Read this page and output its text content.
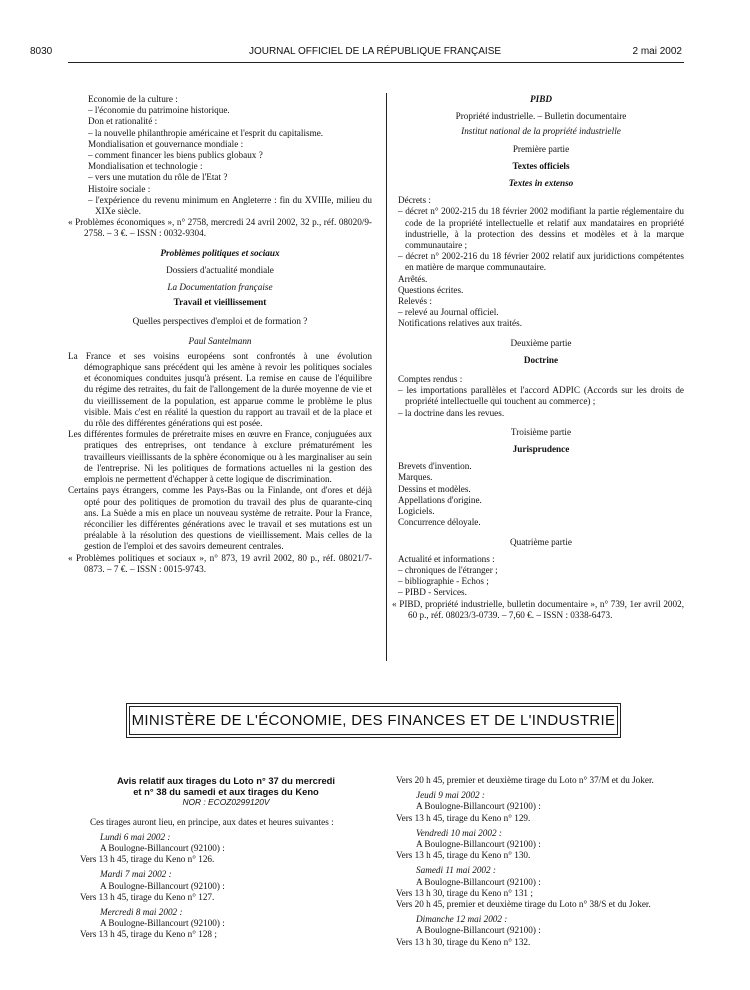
8030	JOURNAL OFFICIEL DE LA RÉPUBLIQUE FRANÇAISE	2 mai 2002

Economie de la culture :

– l'économie du patrimoine historique.

Don et rationalité :

– la nouvelle philanthropie américaine et l'esprit du capitalisme.

Mondialisation et gouvernance mondiale :

– comment financer les biens publics globaux ?

Mondialisation et technologie :

– vers une mutation du rôle de l'Etat ?

Histoire sociale :

– l'expérience du revenu minimum en Angleterre : fin du XVIIIe, milieu du XIXe siècle.

« Problèmes économiques », n° 2758, mercredi 24 avril 2002, 32 p., réf. 08020/9-2758. – 3 €. – ISSN : 0032-9304.

Problèmes politiques et sociaux

Dossiers d'actualité mondiale

La Documentation française

Travail et vieillissement

Quelles perspectives d'emploi et de formation ?

Paul Santelmann

La France et ses voisins européens sont confrontés à une évolution démographique sans précédent qui les amène à revoir les politiques sociales et économiques conduites jusqu'à présent. La remise en cause de l'équilibre du régime des retraites, du fait de l'allongement de la durée moyenne de vie et du vieillissement de la population, est apparue comme le problème le plus visible. Mais c'est en réalité la question du rapport au travail et de la place et du rôle des différentes générations qui est posée.

Les différentes formules de préretraite mises en œuvre en France, conjuguées aux pratiques des entreprises, ont tendance à exclure prématurément les travailleurs vieillissants de la sphère économique ou à les marginaliser au sein de l'entreprise. Ni les politiques de formations actuelles ni la gestion des emplois ne permettent d'échapper à cette logique de discrimination.

Certains pays étrangers, comme les Pays-Bas ou la Finlande, ont d'ores et déjà opté pour des politiques de promotion du travail des plus de quarante-cinq ans. La Suède a mis en place un nouveau système de retraite. Pour la France, réconcilier les différentes générations avec le travail et ses mutations est un préalable à la résolution des questions de vieillissement. Mais celles de la gestion de l'emploi et des savoirs demeurent centrales.

« Problèmes politiques et sociaux », n° 873, 19 avril 2002, 80 p., réf. 08021/7-0873. – 7 €. – ISSN : 0015-9743.

PIBD

Propriété industrielle. – Bulletin documentaire

Institut national de la propriété industrielle

Première partie

Textes officiels

Textes in extenso

Décrets :

– décret n° 2002-215 du 18 février 2002 modifiant la partie réglementaire du code de la propriété intellectuelle et relatif aux mandataires en propriété industrielle, à la protection des dessins et modèles et à la marque communautaire ;

– décret n° 2002-216 du 18 février 2002 relatif aux juridictions compétentes en matière de marque communautaire.

Arrêtés.

Questions écrites.

Relevés :

– relevé au Journal officiel.

Notifications relatives aux traités.

Deuxième partie

Doctrine

Comptes rendus :

– les importations parallèles et l'accord ADPIC (Accords sur les droits de propriété intellectuelle qui touchent au commerce) ;

– la doctrine dans les revues.

Troisième partie

Jurisprudence

Brevets d'invention.

Marques.

Dessins et modèles.

Appellations d'origine.

Logiciels.

Concurrence déloyale.

Quatrième partie

Actualité et informations :

– chroniques de l'étranger ;

– bibliographie - Echos ;

– PIBD - Services.

« PIBD, propriété industrielle, bulletin documentaire », n° 739, 1er avril 2002, 60 p., réf. 08023/3-0739. – 7,60 €. – ISSN : 0338-6473.

MINISTÈRE DE L'ÉCONOMIE, DES FINANCES ET DE L'INDUSTRIE

Avis relatif aux tirages du Loto n° 37 du mercredi

et n° 38 du samedi et aux tirages du Keno

NOR : ECOZ0299120V

Ces tirages auront lieu, en principe, aux dates et heures suivantes :

Lundi 6 mai 2002 :

A Boulogne-Billancourt (92100) :

Vers 13 h 45, tirage du Keno n° 126.

Mardi 7 mai 2002 :

A Boulogne-Billancourt (92100) :

Vers 13 h 45, tirage du Keno n° 127.

Mercredi 8 mai 2002 :

A Boulogne-Billancourt (92100) :

Vers 13 h 45, tirage du Keno n° 128 ;

Vers 20 h 45, premier et deuxième tirage du Loto n° 37/M et du Joker.

Jeudi 9 mai 2002 :

A Boulogne-Billancourt (92100) :

Vers 13 h 45, tirage du Keno n° 129.

Vendredi 10 mai 2002 :

A Boulogne-Billancourt (92100) :

Vers 13 h 45, tirage du Keno n° 130.

Samedi 11 mai 2002 :

A Boulogne-Billancourt (92100) :

Vers 13 h 30, tirage du Keno n° 131 ;

Vers 20 h 45, premier et deuxième tirage du Loto n° 38/S et du Joker.

Dimanche 12 mai 2002 :

A Boulogne-Billancourt (92100) :

Vers 13 h 30, tirage du Keno n° 132.
